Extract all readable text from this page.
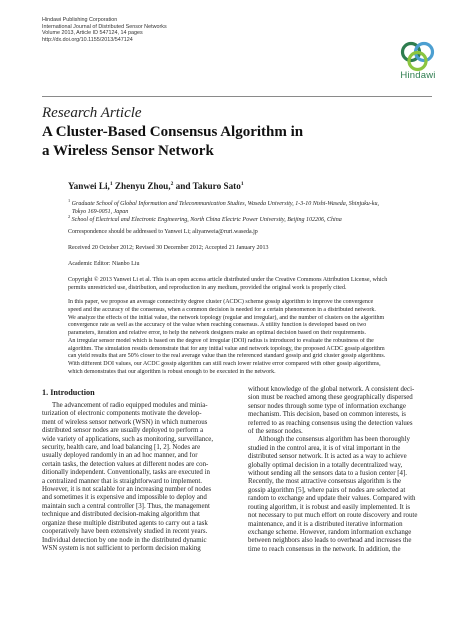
Hindawi Publishing Corporation
International Journal of Distributed Sensor Networks
Volume 2013, Article ID 547124, 14 pages
http://dx.doi.org/10.1155/2013/547124
Hindawi
Research Article
A Cluster-Based Consensus Algorithm in
a Wireless Sensor Network
Yanwei Li,$^1$ Zhenyu Zhou,$^2$ and Takuro Sato$^1$
$^1$ Graduate School of Global Information and Telecommunication Studies, Waseda University, 1-3-10 Nishi-Waseda, Shinjuku-ku,
Tokyo 169-0051, Japan
$^2$ School of Electrical and Electronic Engineering, North China Electric Power University, Beijing 102206, China
Correspondence should be addressed to Yanwei Li; aliyanweia@ruri.waseda.jp
Received 20 October 2012; Revised 30 December 2012; Accepted 21 January 2013
Academic Editor: Nianbo Liu
Copyright © 2013 Yanwei Li et al. This is an open access article distributed under the Creative Commons Attribution License, which
permits unrestricted use, distribution, and reproduction in any medium, provided the original work is properly cited.
In this paper, we propose an average connectivity degree cluster (ACDC) scheme gossip algorithm to improve the convergence
speed and the accuracy of the consensus, when a common decision is needed for a certain phenomenon in a distributed network.
We analyze the effects of the initial value, the network topology (regular and irregular), and the number of clusters on the algorithm
convergence rate as well as the accuracy of the value when reaching consensus. A utility function is developed based on two
parameters, iteration and relative error, to help the network designers make an optimal decision based on their requirements.
An irregular sensor model which is based on the degree of irregular (DOI) radius is introduced to evaluate the robustness of the
algorithm. The simulation results demonstrate that for any initial value and network topology, the proposed ACDC gossip algorithm
can yield results that are 50% closer to the real average value than the referenced standard gossip and grid cluster gossip algorithms.
With different DOI values, our ACDC gossip algorithm can still reach lower relative error compared with other gossip algorithms,
which demonstrates that our algorithm is robust enough to be executed in the network.
1. Introduction
The advancement of radio equipped modules and minia-
turization of electronic components motivate the develop-
ment of wireless sensor network (WSN) in which numerous
distributed sensor nodes are usually deployed to perform a
wide variety of applications, such as monitoring, surveillance,
security, health care, and load balancing [1, 2]. Nodes are
usually deployed randomly in an ad hoc manner, and for
certain tasks, the detection values at different nodes are con-
ditionally independent. Conventionally, tasks are executed in
a centralized manner that is straightforward to implement.
However, it is not scalable for an increasing number of nodes
and sometimes it is expensive and impossible to deploy and
maintain such a central controller [3]. Thus, the management
technique and distributed decision-making algorithm that
organize these multiple distributed agents to carry out a task
cooperatively have been extensively studied in recent years.
Individual detection by one node in the distributed dynamic
WSN system is not sufficient to perform decision making
without knowledge of the global network. A consistent deci-
sion must be reached among these geographically dispersed
sensor nodes through some type of information exchange
mechanism. This decision, based on common interests, is
referred to as reaching consensus using the detection values
of the sensor nodes.
Although the consensus algorithm has been thoroughly
studied in the control area, it is of vital important in the
distributed sensor network. It is acted as a way to achieve
globally optimal decision in a totally decentralized way,
without sending all the sensors data to a fusion center [4].
Recently, the most attractive consensus algorithm is the
gossip algorithm [5], where pairs of nodes are selected at
random to exchange and update their values. Compared with
routing algorithm, it is robust and easily implemented. It is
not necessary to put much effort on route discovery and route
maintenance, and it is a distributed iterative information
exchange scheme. However, random information exchange
between neighbors also leads to overhead and increases the
time to reach consensus in the network. In addition, the
